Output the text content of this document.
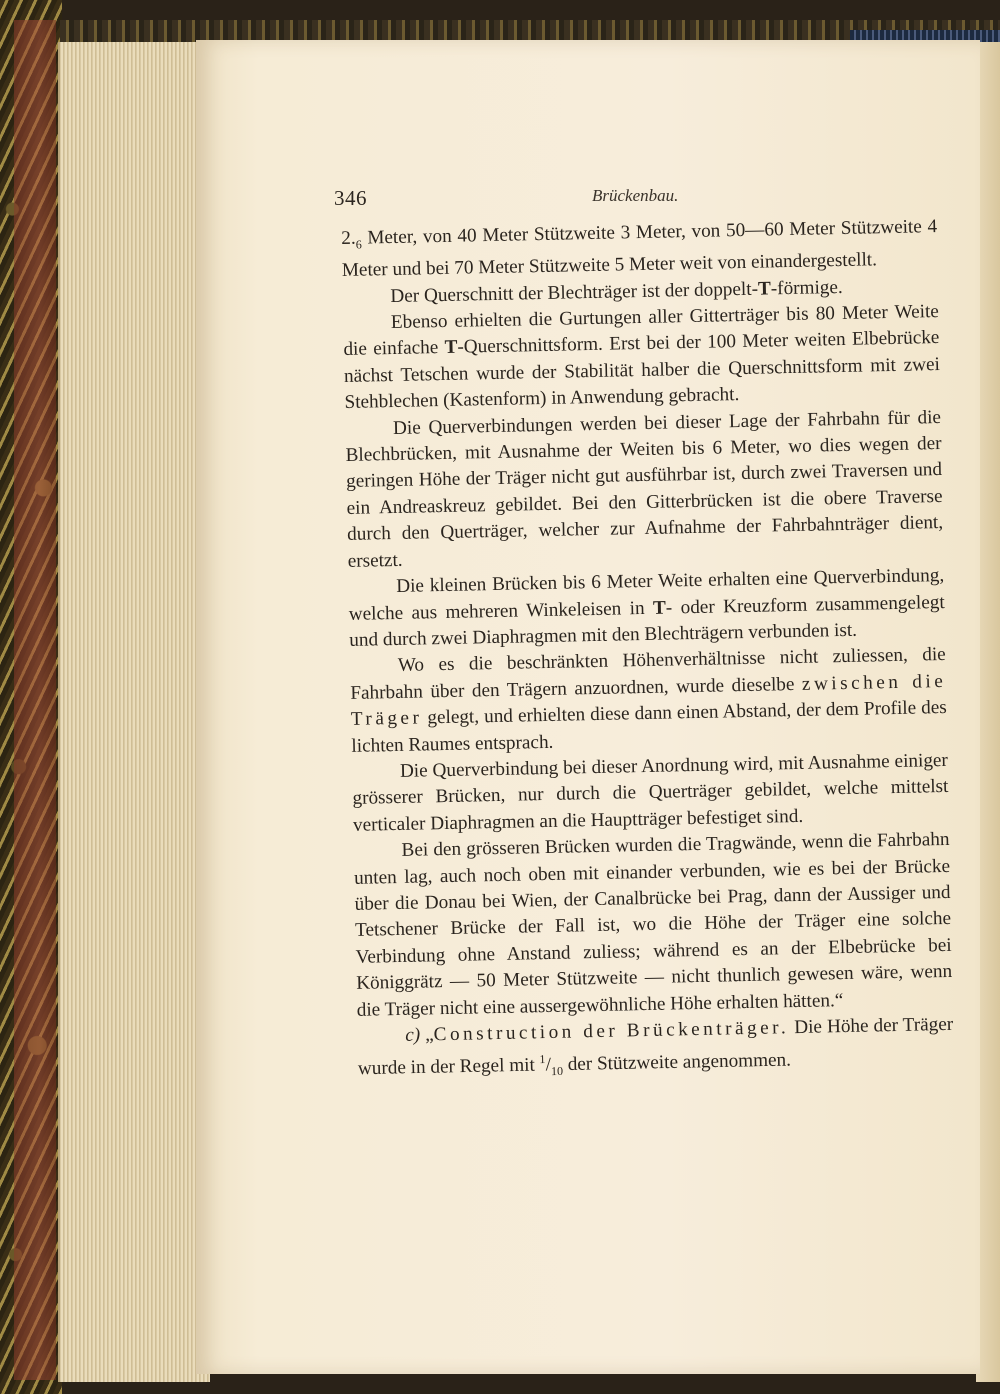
346	Brückenbau.

$2._6$ Meter, von 40 Meter Stützweite 3 Meter, von 50—60 Meter Stützweite 4 Meter und bei 70 Meter Stützweite 5 Meter weit von einandergestellt.

Der Querschnitt der Blechträger ist der doppelt-T-förmige.

Ebenso erhielten die Gurtungen aller Gitterträger bis 80 Meter Weite die einfache T-Querschnittsform. Erst bei der 100 Meter weiten Elbebrücke nächst Tetschen wurde der Stabilität halber die Querschnittsform mit zwei Stehblechen (Kastenform) in Anwendung gebracht.

Die Querverbindungen werden bei dieser Lage der Fahrbahn für die Blechbrücken, mit Ausnahme der Weiten bis 6 Meter, wo dies wegen der geringen Höhe der Träger nicht gut ausführbar ist, durch zwei Traversen und ein Andreaskreuz gebildet. Bei den Gitterbrücken ist die obere Traverse durch den Querträger, welcher zur Aufnahme der Fahrbahnträger dient, ersetzt.

Die kleinen Brücken bis 6 Meter Weite erhalten eine Querverbindung, welche aus mehreren Winkeleisen in T- oder Kreuzform zusammengelegt und durch zwei Diaphragmen mit den Blechträgern verbunden ist.

Wo es die beschränkten Höhenverhältnisse nicht zuliessen, die Fahrbahn über den Trägern anzuordnen, wurde dieselbe zwischen die Träger gelegt, und erhielten diese dann einen Abstand, der dem Profile des lichten Raumes entsprach.

Die Querverbindung bei dieser Anordnung wird, mit Ausnahme einiger grösserer Brücken, nur durch die Querträger gebildet, welche mittelst verticaler Diaphragmen an die Hauptträger befestiget sind.

Bei den grösseren Brücken wurden die Tragwände, wenn die Fahrbahn unten lag, auch noch oben mit einander verbunden, wie es bei der Brücke über die Donau bei Wien, der Canalbrücke bei Prag, dann der Aussiger und Tetschener Brücke der Fall ist, wo die Höhe der Träger eine solche Verbindung ohne Anstand zuliess; während es an der Elbebrücke bei Königgrätz — 50 Meter Stützweite — nicht thunlich gewesen wäre, wenn die Träger nicht eine aussergewöhnliche Höhe erhalten hätten.“

c) „Construction der Brückenträger. Die Höhe der Träger wurde in der Regel mit $^1/_{10}$ der Stützweite angenommen.
